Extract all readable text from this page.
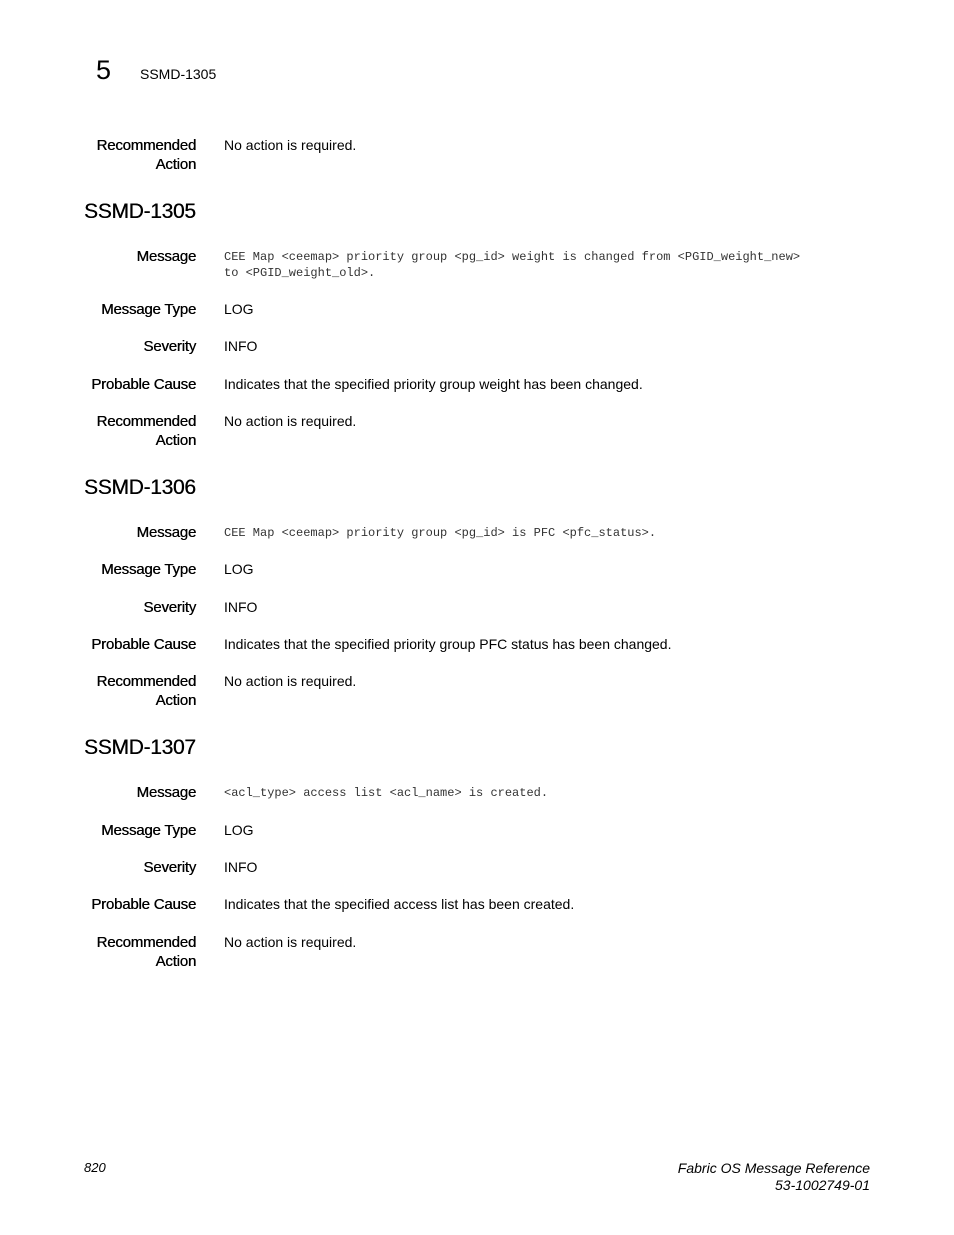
5 SSMD-1305
Recommended
Action
No action is required.
SSMD-1305
Message CEE Map <ceemap> priority group <pg_id> weight is changed from <PGID_weight_new>
to <PGID_weight_old>.
Message Type LOG
Severity INFO
Probable Cause Indicates that the specified priority group weight has been changed.
Recommended
Action
No action is required.
SSMD-1306
Message CEE Map <ceemap> priority group <pg_id> is PFC <pfc_status>.
Message Type LOG
Severity INFO
Probable Cause Indicates that the specified priority group PFC status has been changed.
Recommended
Action
No action is required.
SSMD-1307
Message <acl_type> access list <acl_name> is created.
Message Type LOG
Severity INFO
Probable Cause Indicates that the specified access list has been created.
Recommended
Action
No action is required.
820	Fabric OS Message Reference
53-1002749-01
